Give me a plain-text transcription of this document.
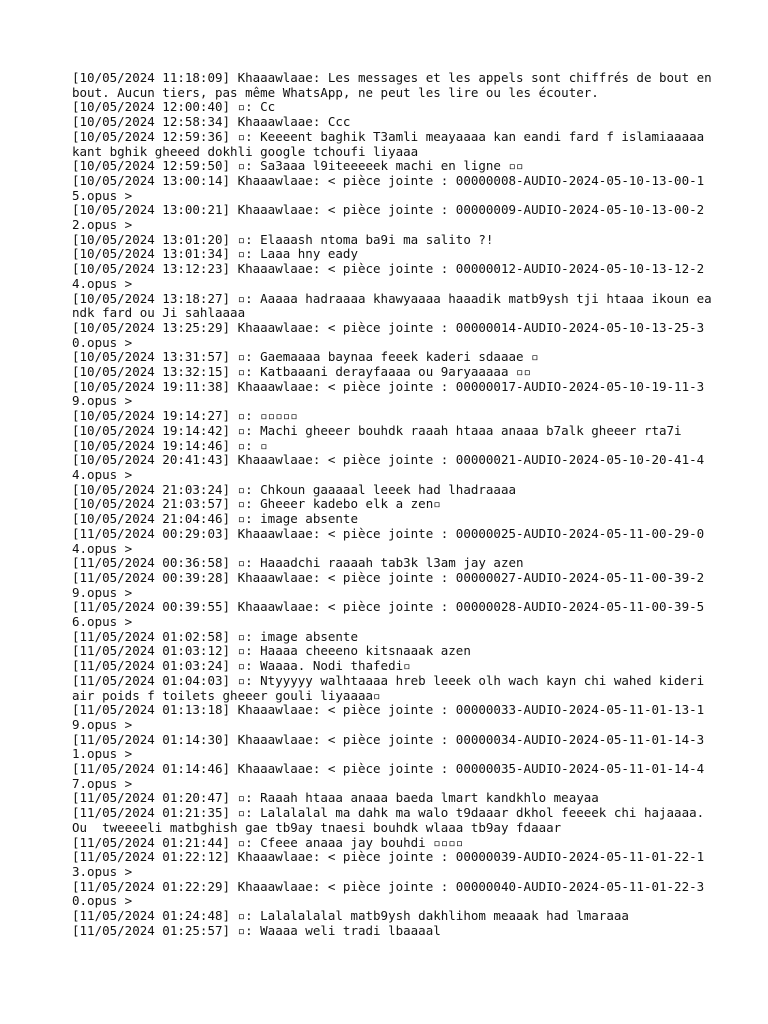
[10/05/2024 11:18:09] Khaaawlaae: Les messages et les appels sont chiffrés de bout en bout. Aucun tiers, pas même WhatsApp, ne peut les lire ou les écouter.

[10/05/2024 12:00:40] ▫: Cc

[10/05/2024 12:58:34] Khaaawlaae: Ccc

[10/05/2024 12:59:36] ▫: Keeeent baghik T3amli meayaaaa kan eandi fard f islamiaaaaa kant bghik gheeed dokhli google tchoufi liyaaa

[10/05/2024 12:59:50] ▫: Sa3aaa l9iteeeeek machi en ligne ▫▫

[10/05/2024 13:00:14] Khaaawlaae: < pièce jointe : 00000008-AUDIO-2024-05-10-13-00-15.opus >

[10/05/2024 13:00:21] Khaaawlaae: < pièce jointe : 00000009-AUDIO-2024-05-10-13-00-22.opus >

[10/05/2024 13:01:20] ▫: Elaaash ntoma ba9i ma salito ?!

[10/05/2024 13:01:34] ▫: Laaa hny eady

[10/05/2024 13:12:23] Khaaawlaae: < pièce jointe : 00000012-AUDIO-2024-05-10-13-12-24.opus >

[10/05/2024 13:18:27] ▫: Aaaaa hadraaaa khawyaaaa haaadik matb9ysh tji htaaa ikoun eandk fard ou Ji sahlaaaa

[10/05/2024 13:25:29] Khaaawlaae: < pièce jointe : 00000014-AUDIO-2024-05-10-13-25-30.opus >

[10/05/2024 13:31:57] ▫: Gaemaaaa baynaa feeek kaderi sdaaae ▫

[10/05/2024 13:32:15] ▫: Katbaaani derayfaaaa ou 9aryaaaaa ▫▫

[10/05/2024 19:11:38] Khaaawlaae: < pièce jointe : 00000017-AUDIO-2024-05-10-19-11-39.opus >

[10/05/2024 19:14:27] ▫: ▫▫▫▫▫

[10/05/2024 19:14:42] ▫: Machi gheeer bouhdk raaah htaaa anaaa b7alk gheeer rta7i

[10/05/2024 19:14:46] ▫: ▫

[10/05/2024 20:41:43] Khaaawlaae: < pièce jointe : 00000021-AUDIO-2024-05-10-20-41-44.opus >

[10/05/2024 21:03:24] ▫: Chkoun gaaaaal leeek had lhadraaaa

[10/05/2024 21:03:57] ▫: Gheeer kadebo elk a zen▫

[10/05/2024 21:04:46] ▫: image absente

[11/05/2024 00:29:03] Khaaawlaae: < pièce jointe : 00000025-AUDIO-2024-05-11-00-29-04.opus >

[11/05/2024 00:36:58] ▫: Haaadchi raaaah tab3k l3am jay azen

[11/05/2024 00:39:28] Khaaawlaae: < pièce jointe : 00000027-AUDIO-2024-05-11-00-39-29.opus >

[11/05/2024 00:39:55] Khaaawlaae: < pièce jointe : 00000028-AUDIO-2024-05-11-00-39-56.opus >

[11/05/2024 01:02:58] ▫: image absente

[11/05/2024 01:03:12] ▫: Haaaa cheeeno kitsnaaak azen

[11/05/2024 01:03:24] ▫: Waaaa. Nodi thafedi▫

[11/05/2024 01:04:03] ▫: Ntyyyyy walhtaaaa hreb leeek olh wach kayn chi wahed kideri air poids f toilets gheeer gouli liyaaaa▫

[11/05/2024 01:13:18] Khaaawlaae: < pièce jointe : 00000033-AUDIO-2024-05-11-01-13-19.opus >

[11/05/2024 01:14:30] Khaaawlaae: < pièce jointe : 00000034-AUDIO-2024-05-11-01-14-31.opus >

[11/05/2024 01:14:46] Khaaawlaae: < pièce jointe : 00000035-AUDIO-2024-05-11-01-14-47.opus >

[11/05/2024 01:20:47] ▫: Raaah htaaa anaaa baeda lmart kandkhlo meayaa

[11/05/2024 01:21:35] ▫: Lalalalal ma dahk ma walo t9daaar dkhol feeeek chi hajaaaa. Ou  tweeeeli matbghish gae tb9ay tnaesi bouhdk wlaaa tb9ay fdaaar

[11/05/2024 01:21:44] ▫: Cfeee anaaa jay bouhdi ▫▫▫▫

[11/05/2024 01:22:12] Khaaawlaae: < pièce jointe : 00000039-AUDIO-2024-05-11-01-22-13.opus >

[11/05/2024 01:22:29] Khaaawlaae: < pièce jointe : 00000040-AUDIO-2024-05-11-01-22-30.opus >

[11/05/2024 01:24:48] ▫: Lalalalalal matb9ysh dakhlihom meaaak had lmaraaa

[11/05/2024 01:25:57] ▫: Waaaa weli tradi lbaaaal
